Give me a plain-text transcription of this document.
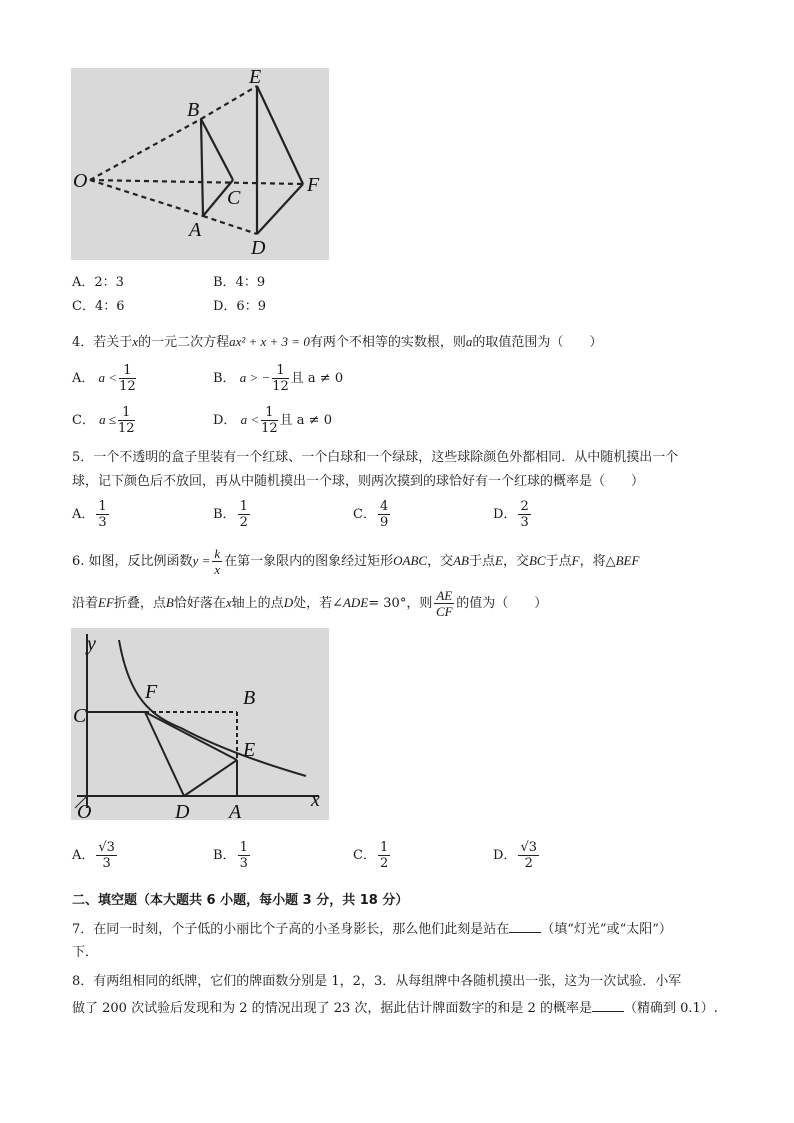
O
B
C
A
E
F
D
A．2：3	B．4：9
C．4：6	D．6：9
4．若关于x的一元二次方程ax² + x + 3 = 0有两个不相等的实数根，则a的取值范围为（　　）
A． $a < \frac{1}{12}$	B． a > − $\frac{1}{12}$ 且 a ≠ 0
C． $a \le \frac{1}{12}$	D． $a < \frac{1}{12}$ 且 a ≠ 0
5．一个不透明的盒子里装有一个红球、一个白球和一个绿球，这些球除颜色外都相同．从中随机摸出一个
球，记下颜色后不放回，再从中随机摸出一个球，则两次摸到的球恰好有一个红球的概率是（　　）
A． $\frac{1}{3}$	B． $\frac{1}{2}$	C． $\frac{4}{9}$	D． $\frac{2}{3}$
6. 如图，反比例函数$y = \frac{k}{x}$ 在第一象限内的图象经过矩形OABC，交AB于点E，交BC于点F，将△BEF
沿着EF折叠，点B恰好落在x轴上的点D处，若∠ADE= 30°，则 $\frac{AE}{CF}$ 的值为（　　）
y
C
F	B
E
O	D A
x
A． $\frac{√3}{3}$	B． $\frac{1}{3}$	C． $\frac{1}{2}$	D． $\frac{√3}{2}$
二、填空题（本大题共 6 小题，每小题 3 分，共 18 分）
7．在同一时刻，个子低的小丽比个子高的小圣身影长，那么他们此刻是站在 （填“灯光”或“太阳”）
下．
8．有两组相同的纸牌，它们的牌面数分别是 1，2，3．从每组牌中各随机摸出一张，这为一次试验．小军
做了 200 次试验后发现和为 2 的情况出现了 23 次，据此估计牌面数字的和是 2 的概率是 （精确到 0.1）.
